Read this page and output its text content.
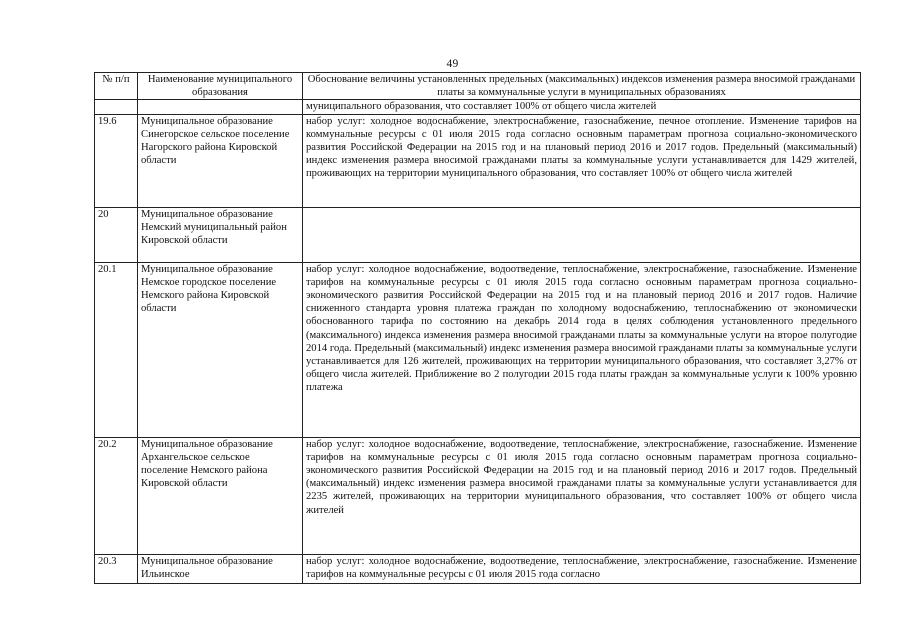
49
№ п/п	Наименование муниципального образования	Обоснование величины установленных предельных (максимальных) индексов изменения размера вносимой гражданами платы за коммунальные услуги в муниципальных образованиях
		муниципального образования, что составляет 100% от общего числа жителей
19.6	Муниципальное образование Синегорское сельское поселение Нагорского района Кировской области	набор услуг: холодное водоснабжение, электроснабжение, газоснабжение, печное отопление. Изменение тарифов на коммунальные ресурсы с 01 июля 2015 года согласно основным параметрам прогноза социально-экономического развития Российской Федерации на 2015 год и на плановый период 2016 и 2017 годов. Предельный (максимальный) индекс изменения размера вносимой гражданами платы за коммунальные услуги устанавливается для 1429 жителей, проживающих на территории муниципального образования, что составляет 100% от общего числа жителей
20	Муниципальное образование Немский муниципальный район Кировской области	
20.1	Муниципальное образование Немское городское поселение Немского района Кировской области	набор услуг: холодное водоснабжение, водоотведение, теплоснабжение, электроснабжение, газоснабжение. Изменение тарифов на коммунальные ресурсы с 01 июля 2015 года согласно основным параметрам прогноза социально-экономического развития Российской Федерации на 2015 год и на плановый период 2016 и 2017 годов. Наличие сниженного стандарта уровня платежа граждан по холодному водоснабжению, теплоснабжению от экономически обоснованного тарифа по состоянию на декабрь 2014 года в целях соблюдения установленного предельного (максимального) индекса изменения размера вносимой гражданами платы за коммунальные услуги на второе полугодие 2014 года. Предельный (максимальный) индекс изменения размера вносимой гражданами платы за коммунальные услуги устанавливается для 126 жителей, проживающих на территории муниципального образования, что составляет 3,27% от общего числа жителей. Приближение во 2 полугодии 2015 года платы граждан за коммунальные услуги к 100% уровню платежа
20.2	Муниципальное образование Архангельское сельское поселение Немского района Кировской области	набор услуг: холодное водоснабжение, водоотведение, теплоснабжение, электроснабжение, газоснабжение. Изменение тарифов на коммунальные ресурсы с 01 июля 2015 года согласно основным параметрам прогноза социально-экономического развития Российской Федерации на 2015 год и на плановый период 2016 и 2017 годов. Предельный (максимальный) индекс изменения размера вносимой гражданами платы за коммунальные услуги устанавливается для 2235 жителей, проживающих на территории муниципального образования, что составляет 100% от общего числа жителей
20.3	Муниципальное образование Ильинское	набор услуг: холодное водоснабжение, водоотведение, теплоснабжение, электроснабжение, газоснабжение. Изменение тарифов на коммунальные ресурсы с 01 июля 2015 года согласно
